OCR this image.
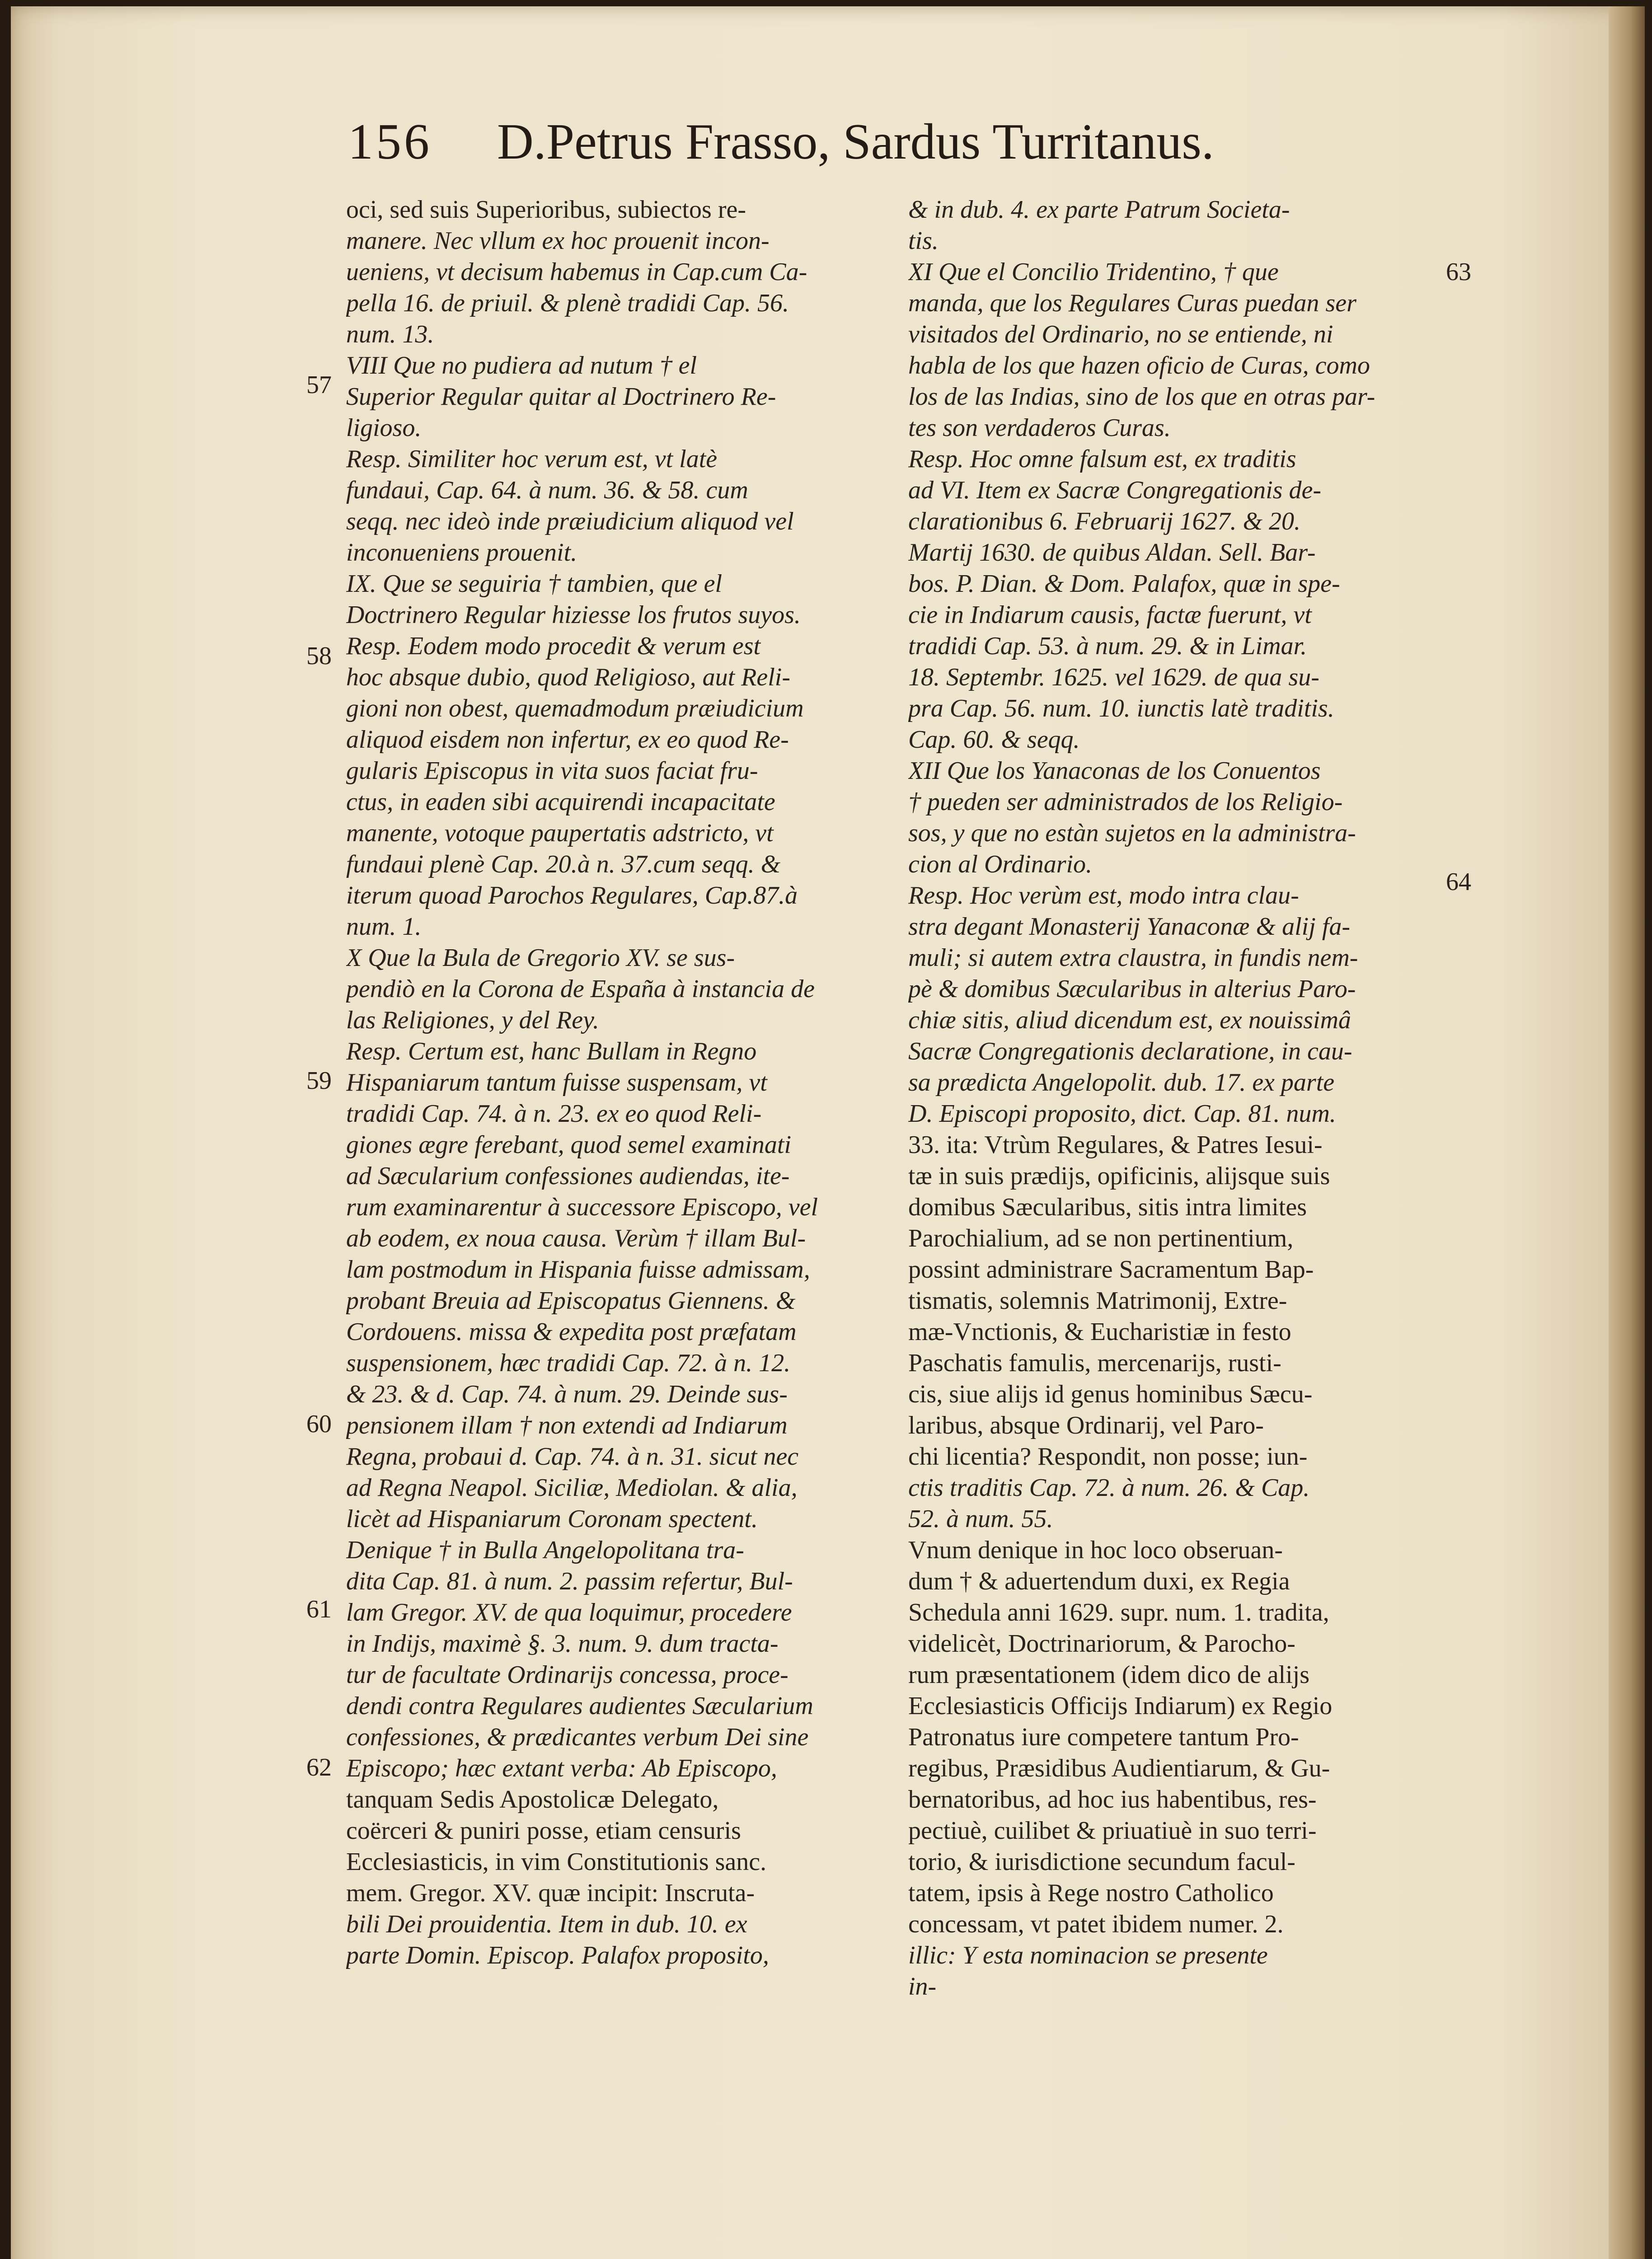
156 D.Petrus Frasso, Sardus Turritanus.
oci, sed suis Superioribus, subiectos re-
manere. Nec vllum ex hoc prouenit incon-
ueniens, vt decisum habemus in Cap.cum Ca-
pella 16. de priuil. & plenè tradidi Cap. 56.
num. 13.
VIII Que no pudiera ad nutum † el
Superior Regular quitar al Doctrinero Re-
ligioso.
Resp. Similiter hoc verum est, vt latè
fundaui, Cap. 64. à num. 36. & 58. cum
seqq. nec ideò inde præiudicium aliquod vel
inconueniens prouenit.
IX. Que se seguiria † tambien, que el
Doctrinero Regular hiziesse los frutos suyos.
Resp. Eodem modo procedit & verum est
hoc absque dubio, quod Religioso, aut Reli-
gioni non obest, quemadmodum præiudicium
aliquod eisdem non infertur, ex eo quod Re-
gularis Episcopus in vita suos faciat fru-
ctus, in eaden sibi acquirendi incapacitate
manente, votoque paupertatis adstricto, vt
fundaui plenè Cap. 20.à n. 37.cum seqq. &
iterum quoad Parochos Regulares, Cap.87.à
num. 1.
X Que la Bula de Gregorio XV. se sus-
pendiò en la Corona de España à instancia de
las Religiones, y del Rey.
Resp. Certum est, hanc Bullam in Regno
Hispaniarum tantum fuisse suspensam, vt
tradidi Cap. 74. à n. 23. ex eo quod Reli-
giones ægre ferebant, quod semel examinati
ad Sæcularium confessiones audiendas, ite-
rum examinarentur à successore Episcopo, vel
ab eodem, ex noua causa. Verùm † illam Bul-
lam postmodum in Hispania fuisse admissam,
probant Breuia ad Episcopatus Giennens. &
Cordouens. missa & expedita post præfatam
suspensionem, hæc tradidi Cap. 72. à n. 12.
& 23. & d. Cap. 74. à num. 29. Deinde sus-
pensionem illam † non extendi ad Indiarum
Regna, probaui d. Cap. 74. à n. 31. sicut nec
ad Regna Neapol. Siciliæ, Mediolan. & alia,
licèt ad Hispaniarum Coronam spectent.
Denique † in Bulla Angelopolitana tra-
dita Cap. 81. à num. 2. passim refertur, Bul-
lam Gregor. XV. de qua loquimur, procedere
in Indijs, maximè §. 3. num. 9. dum tracta-
tur de facultate Ordinarijs concessa, proce-
dendi contra Regulares audientes Sæcularium
confessiones, & prædicantes verbum Dei sine
Episcopo; hæc extant verba: Ab Episcopo,
tanquam Sedis Apostolicæ Delegato,
coërceri & puniri posse, etiam censuris
Ecclesiasticis, in vim Constitutionis sanc.
mem. Gregor. XV. quæ incipit: Inscruta-
bili Dei prouidentia. Item in dub. 10. ex
parte Domin. Episcop. Palafox proposito,
& in dub. 4. ex parte Patrum Societa-
tis.
XI Que el Concilio Tridentino, † que
manda, que los Regulares Curas puedan ser
visitados del Ordinario, no se entiende, ni
habla de los que hazen oficio de Curas, como
los de las Indias, sino de los que en otras par-
tes son verdaderos Curas.
Resp. Hoc omne falsum est, ex traditis
ad VI. Item ex Sacræ Congregationis de-
clarationibus 6. Februarij 1627. & 20.
Martij 1630. de quibus Aldan. Sell. Bar-
bos. P. Dian. & Dom. Palafox, quæ in spe-
cie in Indiarum causis, factæ fuerunt, vt
tradidi Cap. 53. à num. 29. & in Limar.
18. Septembr. 1625. vel 1629. de qua su-
pra Cap. 56. num. 10. iunctis latè traditis.
Cap. 60. & seqq.
XII Que los Yanaconas de los Conuentos
† pueden ser administrados de los Religio-
sos, y que no estàn sujetos en la administra-
cion al Ordinario.
Resp. Hoc verùm est, modo intra clau-
stra degant Monasterij Yanaconæ & alij fa-
muli; si autem extra claustra, in fundis nem-
pè & domibus Sæcularibus in alterius Paro-
chiæ sitis, aliud dicendum est, ex nouissimâ
Sacræ Congregationis declaratione, in cau-
sa prædicta Angelopolit. dub. 17. ex parte
D. Episcopi proposito, dict. Cap. 81. num.
33. ita: Vtrùm Regulares, & Patres Iesui-
tæ in suis prædijs, opificinis, alijsque suis
domibus Sæcularibus, sitis intra limites
Parochialium, ad se non pertinentium,
possint administrare Sacramentum Bap-
tismatis, solemnis Matrimonij, Extre-
mæ-Vnctionis, & Eucharistiæ in festo
Paschatis famulis, mercenarijs, rusti-
cis, siue alijs id genus hominibus Sæcu-
laribus, absque Ordinarij, vel Paro-
chi licentia? Respondit, non posse; iun-
ctis traditis Cap. 72. à num. 26. & Cap.
52. à num. 55.
Vnum denique in hoc loco obseruan-
dum † & aduertendum duxi, ex Regia
Schedula anni 1629. supr. num. 1. tradita,
videlicèt, Doctrinariorum, & Parocho-
rum præsentationem (idem dico de alijs
Ecclesiasticis Officijs Indiarum) ex Regio
Patronatus iure competere tantum Pro-
regibus, Præsidibus Audientiarum, & Gu-
bernatoribus, ad hoc ius habentibus, res-
pectiuè, cuilibet & priuatiuè in suo terri-
torio, & iurisdictione secundum facul-
tatem, ipsis à Rege nostro Catholico
concessam, vt patet ibidem numer. 2.
illic: Y esta nominacion se presente
in-
57
58
59
60
61
62
63
64
